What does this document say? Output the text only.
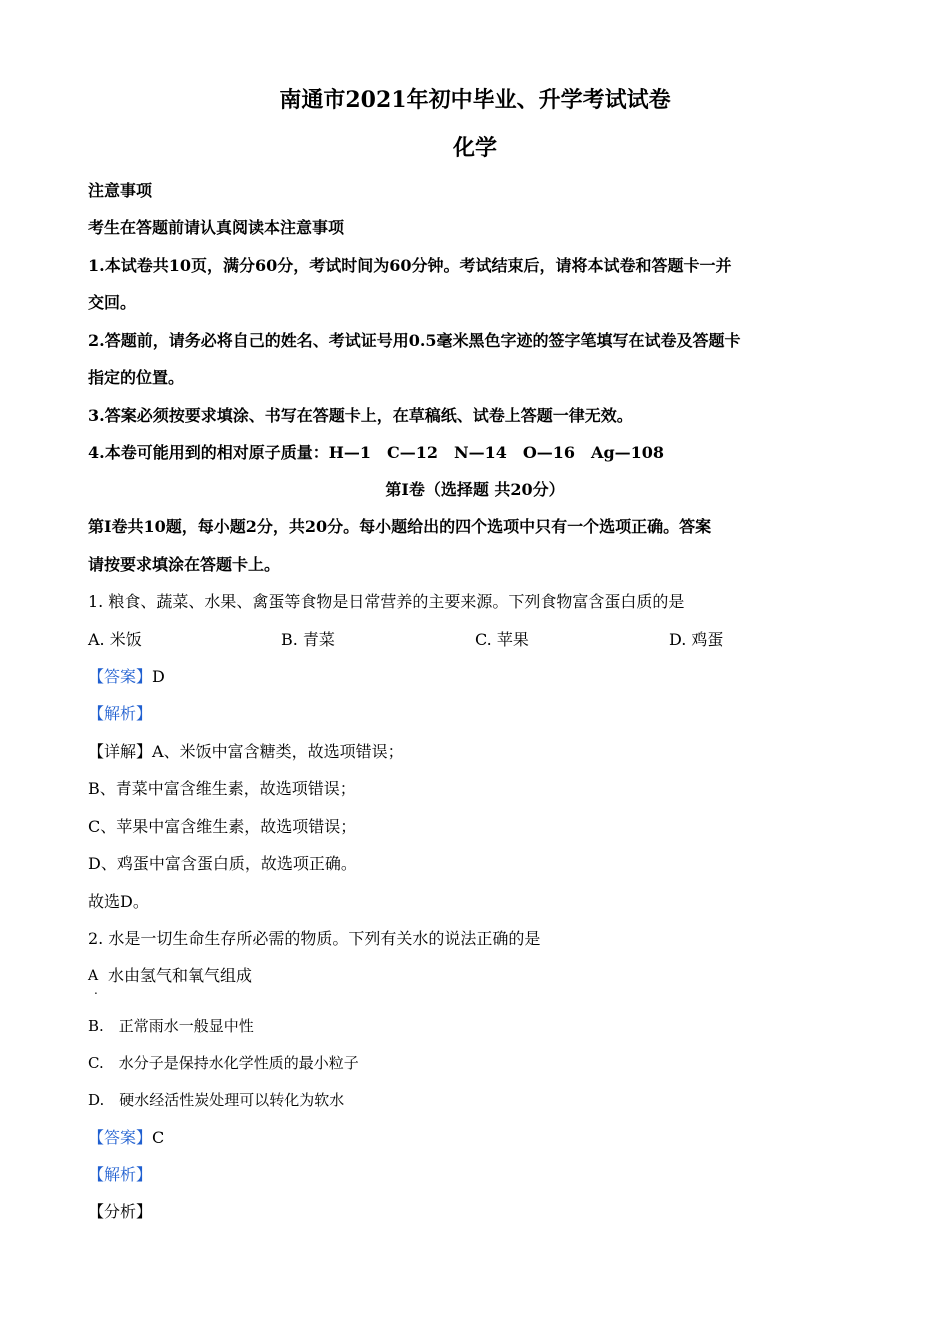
南通市2021年初中毕业、升学考试试卷
化学
注意事项
考生在答题前请认真阅读本注意事项
1.本试卷共10页，满分60分，考试时间为60分钟。考试结束后，请将本试卷和答题卡一并
交回。
2.答题前，请务必将自己的姓名、考试证号用0.5毫米黑色字迹的签字笔填写在试卷及答题卡
指定的位置。
3.答案必须按要求填涂、书写在答题卡上，在草稿纸、试卷上答题一律无效。
4.本卷可能用到的相对原子质量：H—1　C—12　N—14　O—16　Ag—108
第Ⅰ卷（选择题 共20分）
第Ⅰ卷共10题，每小题2分，共20分。每小题给出的四个选项中只有一个选项正确。答案
请按要求填涂在答题卡上。
1. 粮食、蔬菜、水果、禽蛋等食物是日常营养的主要来源。下列食物富含蛋白质的是
A. 米饭	B. 青菜	C. 苹果	D. 鸡蛋
【答案】D
【解析】
【详解】A、米饭中富含糖类，故选项错误；
B、青菜中富含维生素，故选项错误；
C、苹果中富含维生素，故选项错误；
D、鸡蛋中富含蛋白质，故选项正确。
故选D。
2. 水是一切生命生存所必需的物质。下列有关水的说法正确的是
A 水由氢气和氧气组成
.
B.　正常雨水一般显中性
C.　水分子是保持水化学性质的最小粒子
D.　硬水经活性炭处理可以转化为软水
【答案】C
【解析】
【分析】
